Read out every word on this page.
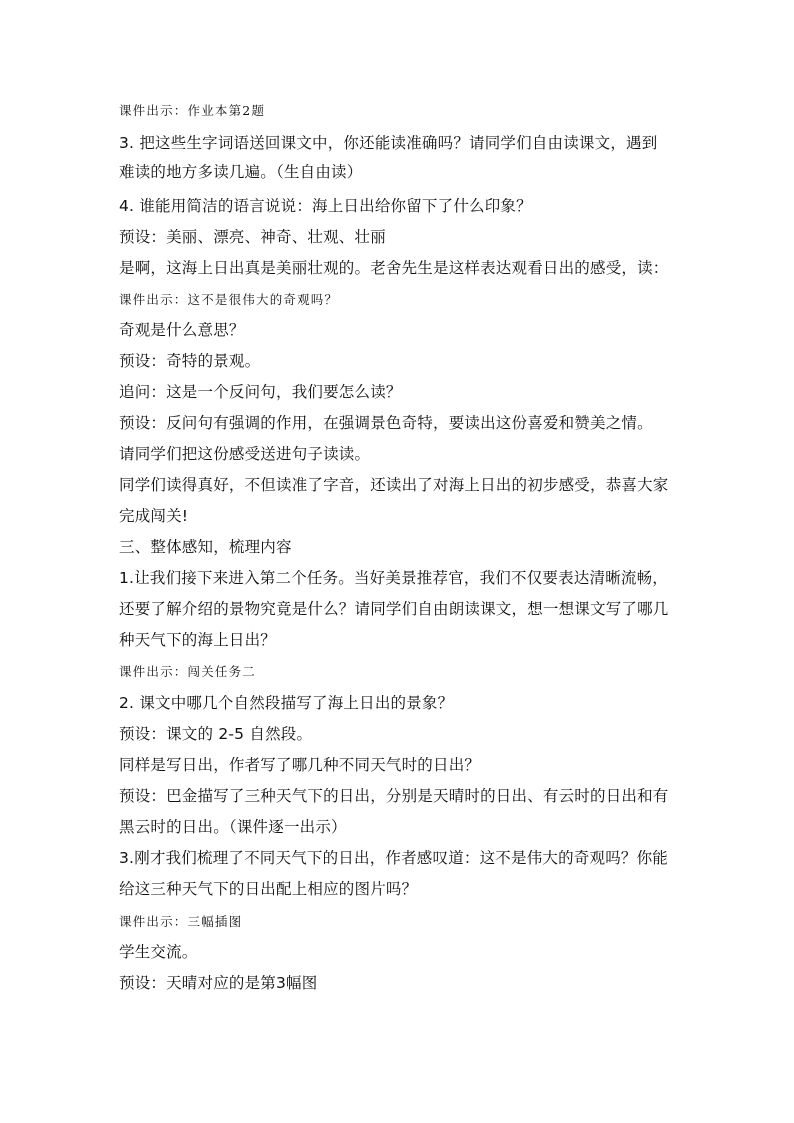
课件出示：作业本第2题
3. 把这些生字词语送回课文中，你还能读准确吗？请同学们自由读课文，遇到
难读的地方多读几遍。（生自由读）
4. 谁能用简洁的语言说说：海上日出给你留下了什么印象？
预设：美丽、漂亮、神奇、壮观、壮丽
是啊，这海上日出真是美丽壮观的。老舍先生是这样表达观看日出的感受，读：
课件出示：这不是很伟大的奇观吗？
奇观是什么意思？
预设：奇特的景观。
追问：这是一个反问句，我们要怎么读？
预设：反问句有强调的作用，在强调景色奇特，要读出这份喜爱和赞美之情。
请同学们把这份感受送进句子读读。
同学们读得真好，不但读准了字音，还读出了对海上日出的初步感受，恭喜大家
完成闯关!
三、整体感知，梳理内容
1.让我们接下来进入第二个任务。当好美景推荐官，我们不仅要表达清晰流畅，
还要了解介绍的景物究竟是什么？请同学们自由朗读课文，想一想课文写了哪几
种天气下的海上日出？
课件出示：闯关任务二
2. 课文中哪几个自然段描写了海上日出的景象？
预设：课文的 2-5 自然段。
同样是写日出，作者写了哪几种不同天气时的日出？
预设：巴金描写了三种天气下的日出，分别是天晴时的日出、有云时的日出和有
黑云时的日出。（课件逐一出示）
3.刚才我们梳理了不同天气下的日出，作者感叹道：这不是伟大的奇观吗？你能
给这三种天气下的日出配上相应的图片吗？
课件出示：三幅插图
学生交流。
预设：天晴对应的是第3幅图
